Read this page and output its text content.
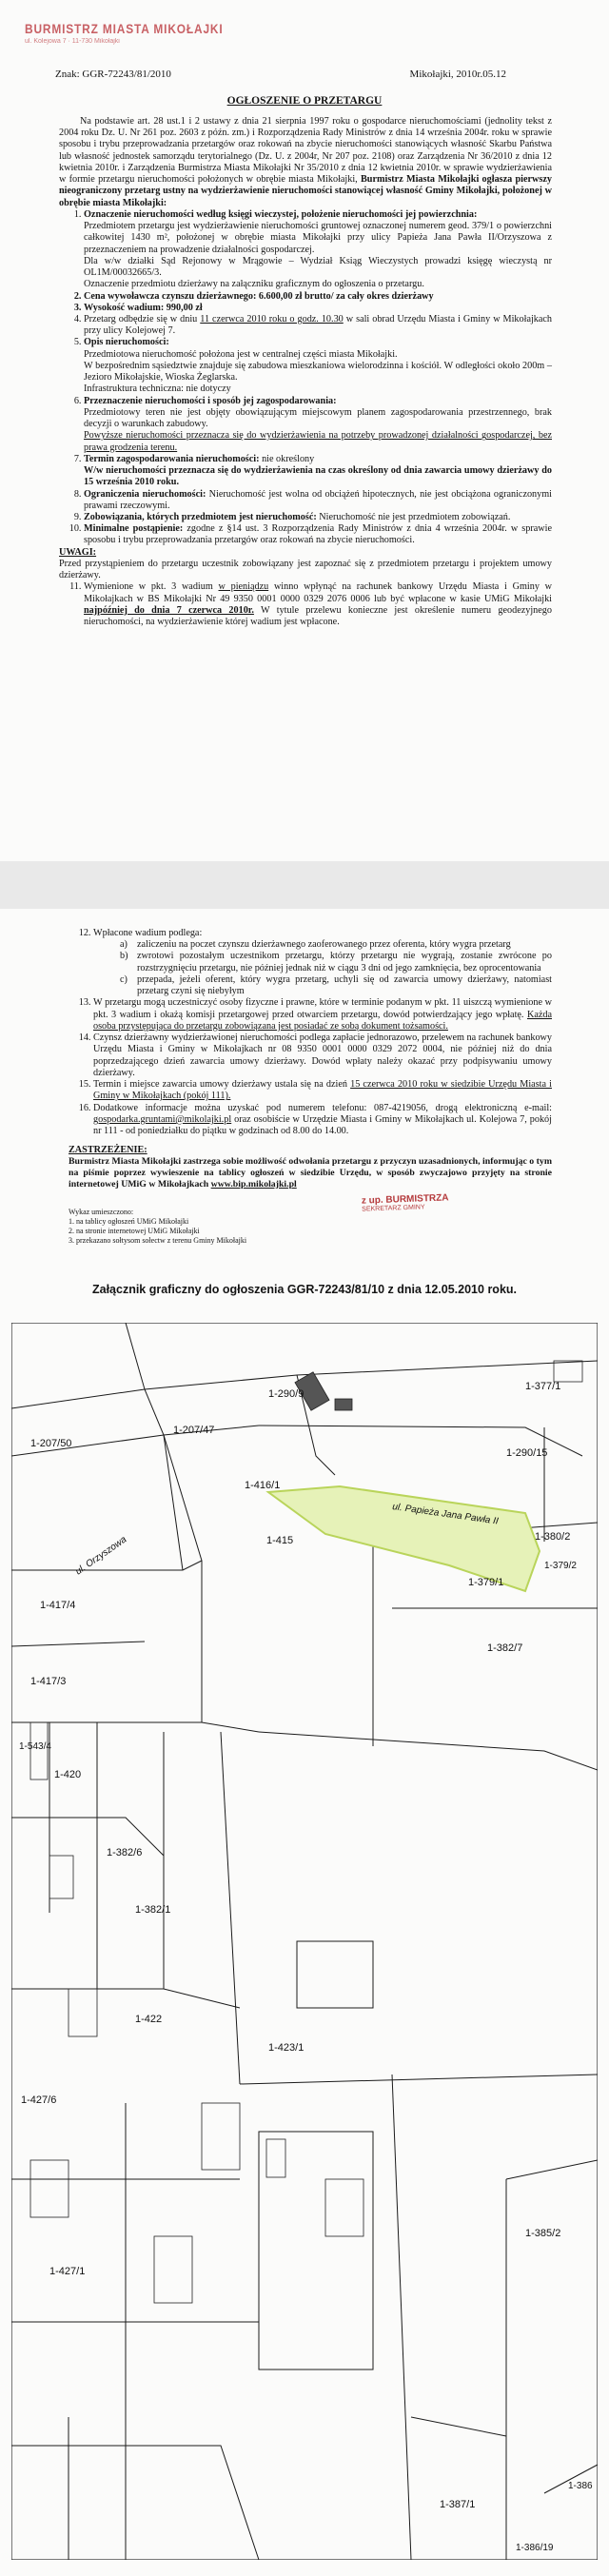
BURMISTRZ MIASTA MIKOŁAJKI
ul. Kolejowa 7 · 11-730 Mikołajki
Znak: GGR-72243/81/2010	Mikołajki, 2010r.05.12
OGŁOSZENIE O PRZETARGU

Na podstawie art. 28 ust.1 i 2 ustawy z dnia 21 sierpnia 1997 roku o gospodarce nieruchomościami (jednolity tekst z 2004 roku Dz. U. Nr 261 poz. 2603 z późn. zm.) i Rozporządzenia Rady Ministrów z dnia 14 września 2004r. roku w sprawie sposobu i trybu przeprowadzania przetargów oraz rokowań na zbycie nieruchomości stanowiących własność Skarbu Państwa lub własność jednostek samorządu terytorialnego (Dz. U. z 2004r, Nr 207 poz. 2108) oraz Zarządzenia Nr 36/2010 z dnia 12 kwietnia 2010r. i Zarządzenia Burmistrza Miasta Mikołajki Nr 35/2010 z dnia 12 kwietnia 2010r. w sprawie wydzierżawienia w formie przetargu nieruchomości położonych w obrębie miasta Mikołajki, Burmistrz Miasta Mikołajki ogłasza pierwszy nieograniczony przetarg ustny na wydzierżawienie nieruchomości stanowiącej własność Gminy Mikołajki, położonej w obrębie miasta Mikołajki:

1. Oznaczenie nieruchomości według księgi wieczystej, położenie nieruchomości jej powierzchnia:

Przedmiotem przetargu jest wydzierżawienie nieruchomości gruntowej oznaczonej numerem geod. 379/1 o powierzchni całkowitej 1430 m², położonej w obrębie miasta Mikołajki przy ulicy Papieża Jana Pawła II/Orzyszowa z przeznaczeniem na prowadzenie działalności gospodarczej.

Dla w/w działki Sąd Rejonowy w Mrągowie – Wydział Ksiąg Wieczystych prowadzi księgę wieczystą nr OL1M/00032665/3.

Oznaczenie przedmiotu dzierżawy na załączniku graficznym do ogłoszenia o przetargu.

2. Cena wywoławcza czynszu dzierżawnego: 6.600,00 zł brutto/ za cały okres dzierżawy
3. Wysokość wadium: 990,00 zł
4. Przetarg odbędzie się w dniu 11 czerwca 2010 roku o godz. 10.30 w sali obrad Urzędu Miasta i Gminy w Mikołajkach przy ulicy Kolejowej 7.
5. Opis nieruchomości:

Przedmiotowa nieruchomość położona jest w centralnej części miasta Mikołajki.

W bezpośrednim sąsiedztwie znajduje się zabudowa mieszkaniowa wielorodzinna i kościół. W odległości około 200m – Jezioro Mikołajskie, Wioska Żeglarska.

Infrastruktura techniczna: nie dotyczy

6. Przeznaczenie nieruchomości i sposób jej zagospodarowania:

Przedmiotowy teren nie jest objęty obowiązującym miejscowym planem zagospodarowania przestrzennego, brak decyzji o warunkach zabudowy.

Powyższe nieruchomości przeznacza się do wydzierżawienia na potrzeby prowadzonej działalności gospodarczej, bez prawa grodzenia terenu.

7. Termin zagospodarowania nieruchomości: nie określony

W/w nieruchomości przeznacza się do wydzierżawienia na czas określony od dnia zawarcia umowy dzierżawy do 15 września 2010 roku.

8. Ograniczenia nieruchomości: Nieruchomość jest wolna od obciążeń hipotecznych, nie jest obciążona ograniczonymi prawami rzeczowymi.
9. Zobowiązania, których przedmiotem jest nieruchomość: Nieruchomość nie jest przedmiotem zobowiązań.
10. Minimalne postąpienie: zgodne z §14 ust. 3 Rozporządzenia Rady Ministrów z dnia 4 września 2004r. w sprawie sposobu i trybu przeprowadzania przetargów oraz rokowań na zbycie nieruchomości.

UWAGI:

Przed przystąpieniem do przetargu uczestnik zobowiązany jest zapoznać się z przedmiotem przetargu i projektem umowy dzierżawy.

11. Wymienione w pkt. 3 wadium w pieniądzu winno wpłynąć na rachunek bankowy Urzędu Miasta i Gminy w Mikołajkach w BS Mikołajki Nr 49 9350 0001 0000 0329 2076 0006 lub być wpłacone w kasie UMiG Mikołajki najpóźniej do dnia 7 czerwca 2010r. W tytule przelewu konieczne jest określenie numeru geodezyjnego nieruchomości, na wydzierżawienie której wadium jest wpłacone.
12. Wpłacone wadium podlega:
a) zaliczeniu na poczet czynszu dzierżawnego zaoferowanego przez oferenta, który wygra przetarg
b) zwrotowi pozostałym uczestnikom przetargu, którzy przetargu nie wygrają, zostanie zwrócone po rozstrzygnięciu przetargu, nie później jednak niż w ciągu 3 dni od jego zamknięcia, bez oprocentowania
c) przepada, jeżeli oferent, który wygra przetarg, uchyli się od zawarcia umowy dzierżawy, natomiast przetarg czyni się niebyłym
13. W przetargu mogą uczestniczyć osoby fizyczne i prawne, które w terminie podanym w pkt. 11 uiszczą wymienione w pkt. 3 wadium i okażą komisji przetargowej przed otwarciem przetargu, dowód potwierdzający jego wpłatę. Każda osoba przystępująca do przetargu zobowiązana jest posiadać ze sobą dokument tożsamości.
14. Czynsz dzierżawny wydzierżawionej nieruchomości podlega zapłacie jednorazowo, przelewem na rachunek bankowy Urzędu Miasta i Gminy w Mikołajkach nr 08 9350 0001 0000 0329 2072 0004, nie później niż do dnia poprzedzającego dzień zawarcia umowy dzierżawy. Dowód wpłaty należy okazać przy podpisywaniu umowy dzierżawy.
15. Termin i miejsce zawarcia umowy dzierżawy ustala się na dzień 15 czerwca 2010 roku w siedzibie Urzędu Miasta i Gminy w Mikołajkach (pokój 111).
16. Dodatkowe informacje można uzyskać pod numerem telefonu: 087-4219056, drogą elektroniczną e-mail: gospodarka.gruntami@mikolajki.pl oraz osobiście w Urzędzie Miasta i Gminy w Mikołajkach ul. Kolejowa 7, pokój nr 111 - od poniedziałku do piątku w godzinach od 8.00 do 14.00.
ZASTRZEŻENIE:
Burmistrz Miasta Mikołajki zastrzega sobie możliwość odwołania przetargu z przyczyn uzasadnionych, informując o tym na piśmie poprzez wywieszenie na tablicy ogłoszeń w siedzibie Urzędu, w sposób zwyczajowo przyjęty na stronie internetowej UMiG w Mikołajkach www.bip.mikolajki.pl
Wykaz umieszczono:
1. na tablicy ogłoszeń UMiG Mikołajki
2. na stronie internetowej UMiG Mikołajki
3. przekazano sołtysom sołectw z terenu Gminy Mikołajki
z up. BURMISTRZA
SEKRETARZ GMINY
Załącznik graficzny do ogłoszenia GGR-72243/81/10 z dnia 12.05.2010 roku.
1-290/9
1-377/1
1-207/47
1-290/15
1-207/50
1-416/1
1-415	1-380/2
1-379/1
1-379/2
1-417/4
1-382/7
1-417/3
1-543/4
1-420
1-382/6
1-382/1
1-422
1-423/1
1-427/6
1-427/1
1-385/2
1-387/1
1-386
1-386/19
ul. Papieża Jana Pawła II
ul. Orzyszowa
